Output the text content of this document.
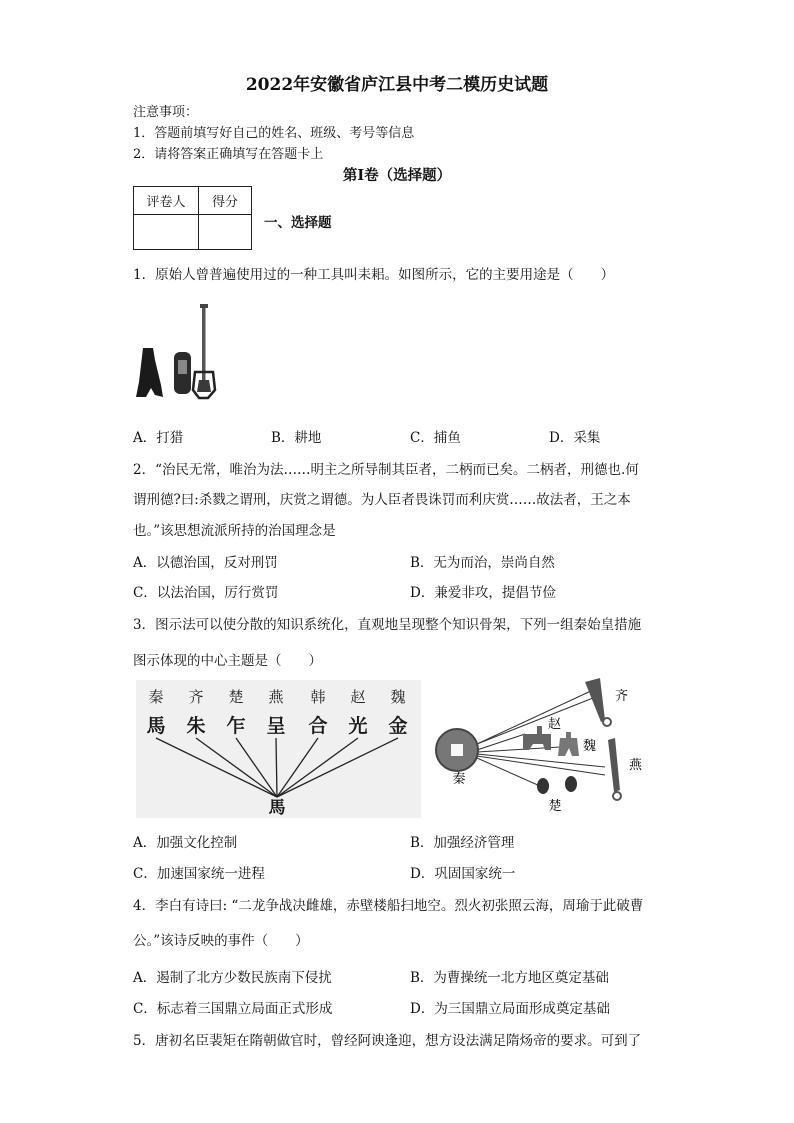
2022年安徽省庐江县中考二模历史试题
注意事项：
1．答题前填写好自己的姓名、班级、考号等信息
2．请将答案正确填写在答题卡上
第I卷（选择题）
评卷人	得分

一、选择题
1．原始人曾普遍使用过的一种工具叫耒耜。如图所示，它的主要用途是（　　）
A．打猎	B．耕地	C．捕鱼	D．采集
2．“治民无常，唯治为法……明主之所导制其臣者，二柄而已矣。二柄者，刑德也.何
谓刑德?曰:杀戮之谓刑，庆赏之谓德。为人臣者畏诛罚而利庆赏……故法者，王之本
也。”该思想流派所持的治国理念是
A．以德治国，反对刑罚	B．无为而治，崇尚自然
C．以法治国，厉行赏罚	D．兼爱非攻，提倡节俭
3．图示法可以使分散的知识系统化，直观地呈现整个知识骨架，下列一组秦始皇措施
图示体现的中心主题是（　　）
秦 齐 楚 燕 韩 赵 魏
馬 朱 乍 呈 合 光 金
馬
秦
齐
赵
魏
燕
楚
A．加强文化控制	B．加强经济管理
C．加速国家统一进程	D．巩固国家统一
4．李白有诗曰: “二龙争战决雌雄，赤壁楼船扫地空。烈火初张照云海，周瑜于此破曹
公。”该诗反映的事件（　　）
A．遏制了北方少数民族南下侵扰	B．为曹操统一北方地区奠定基础
C．标志着三国鼎立局面正式形成	D．为三国鼎立局面形成奠定基础
5．唐初名臣裴矩在隋朝做官时，曾经阿谀逢迎，想方设法满足隋炀帝的要求。可到了
